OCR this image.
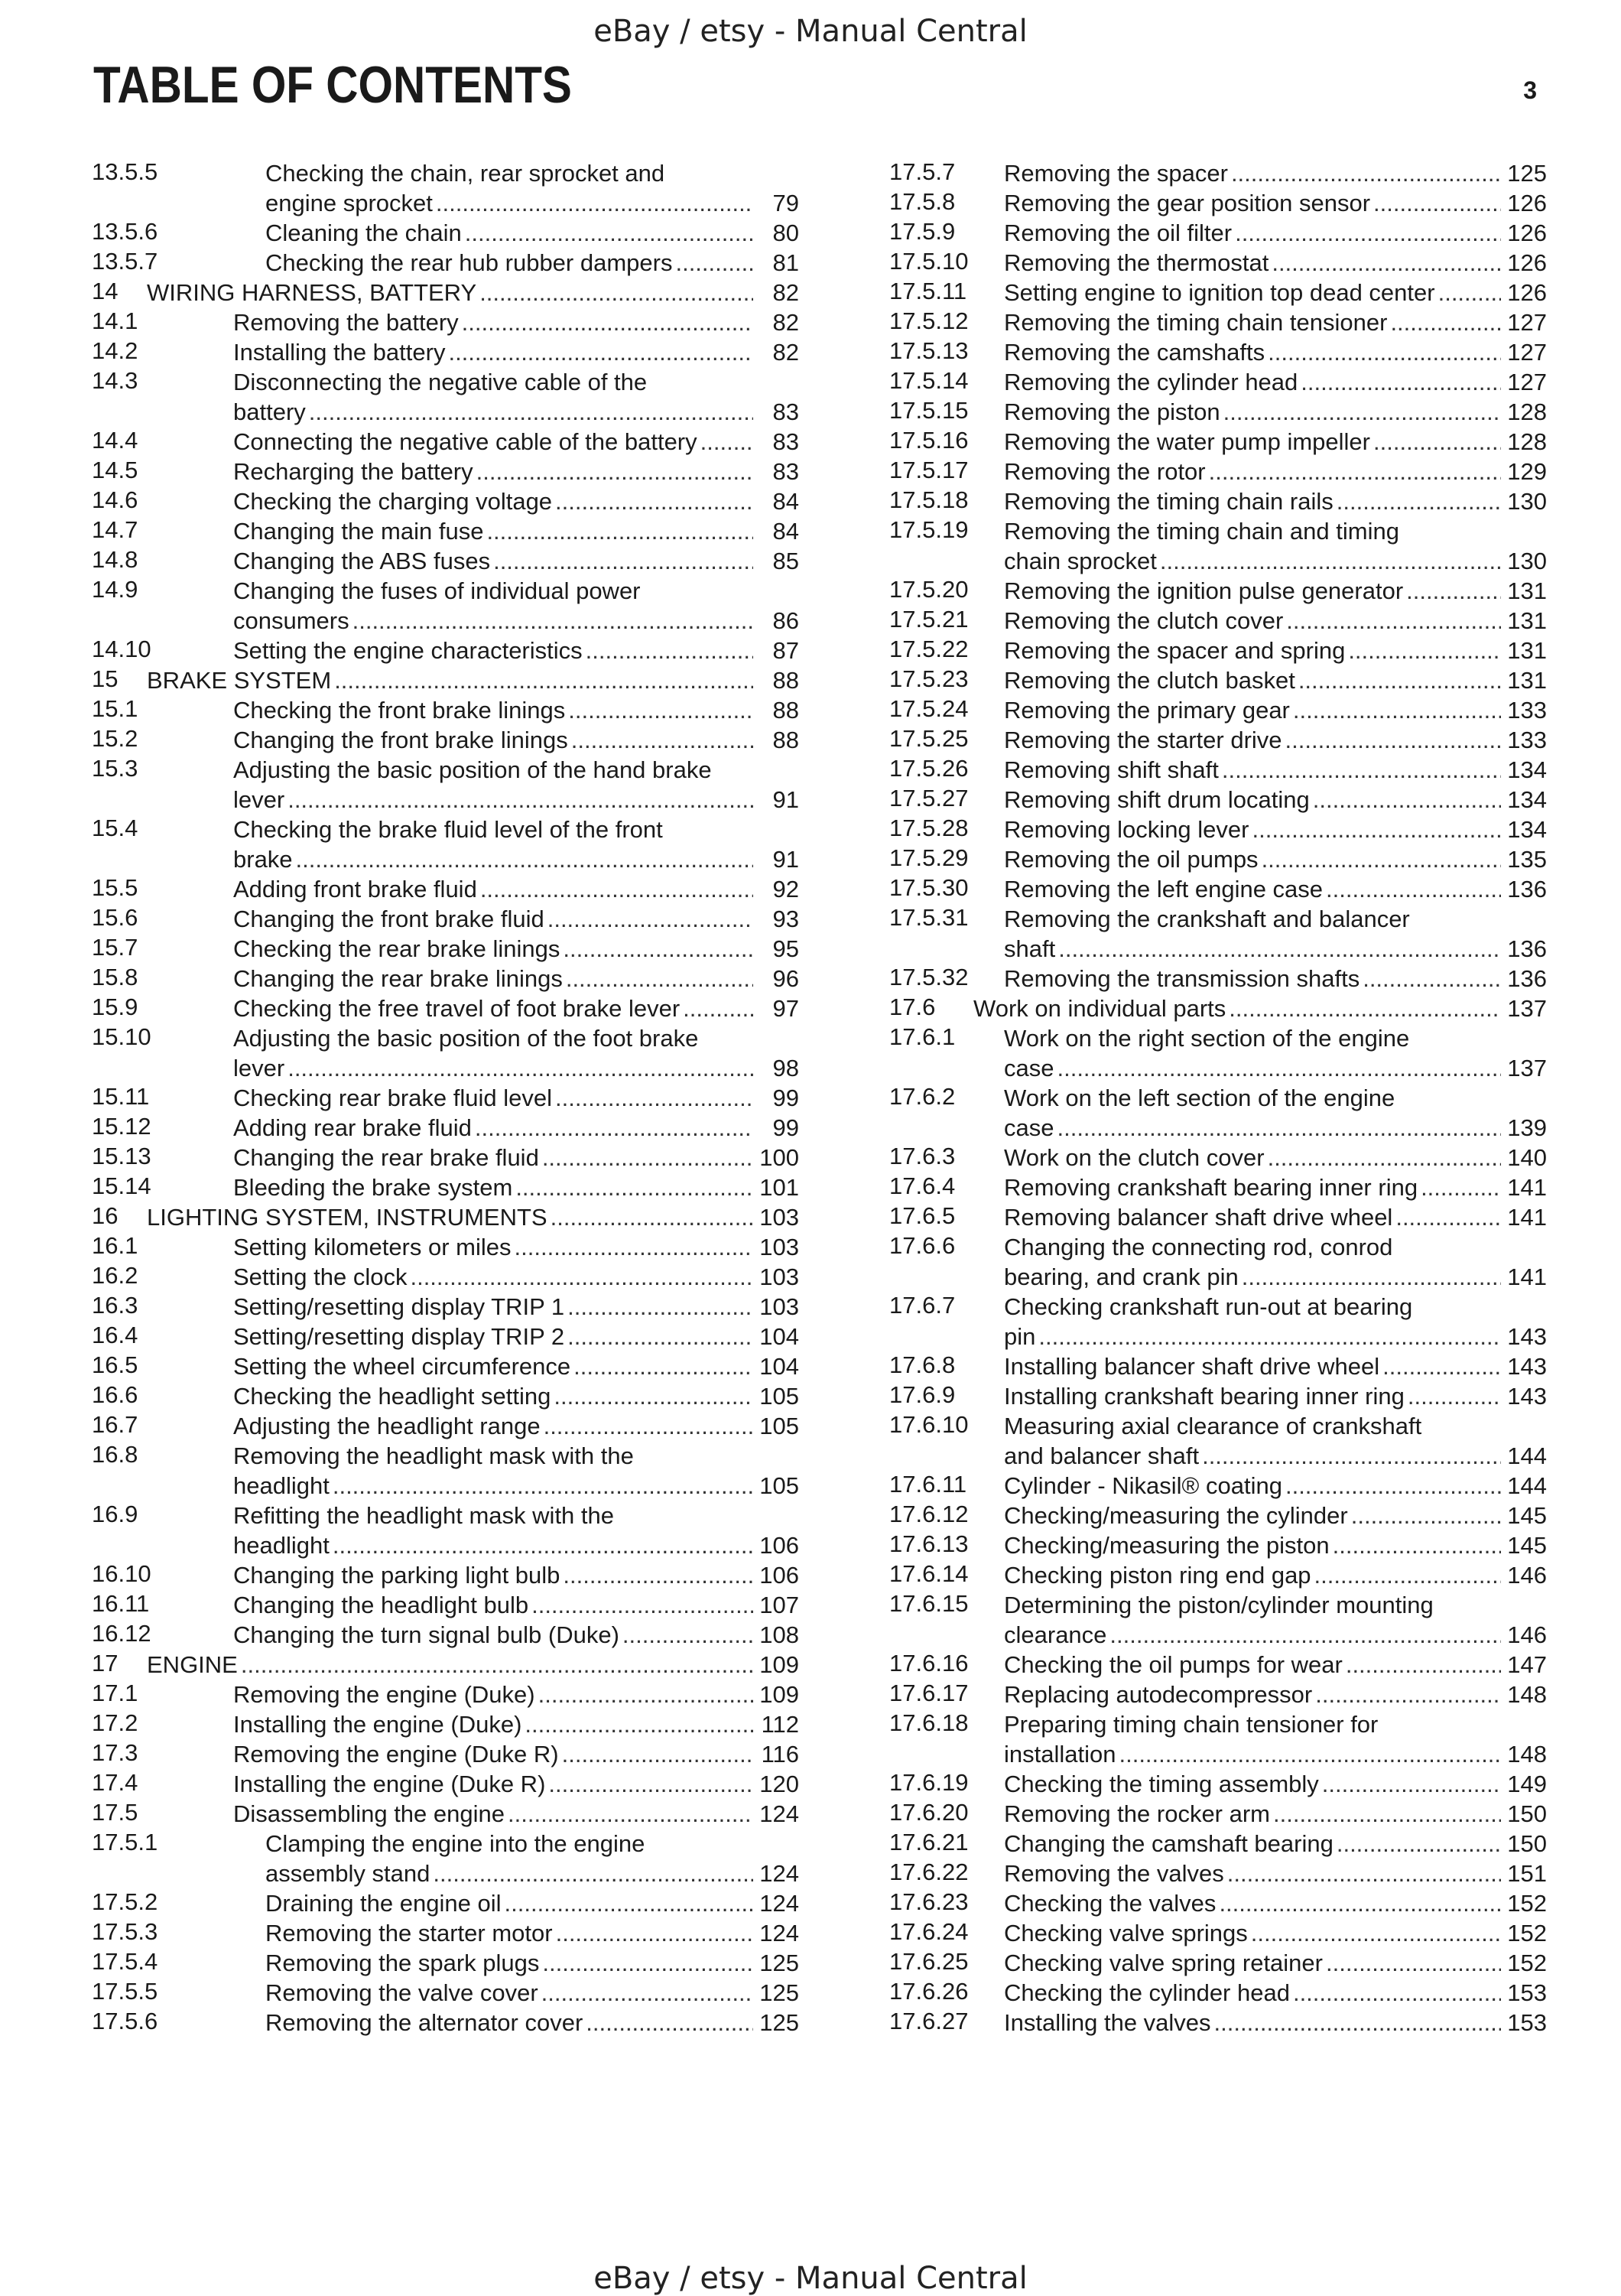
eBay / etsy - Manual Central
TABLE OF CONTENTS	3
13.5.5	Checking the chain, rear sprocket and
engine sprocket .....	79
13.5.6	Cleaning the chain .....	80
13.5.7	Checking the rear hub rubber dampers .....	81
14 WIRING HARNESS, BATTERY .....	82
14.1	Removing the battery .....	82
14.2	Installing the battery .....	82
14.3	Disconnecting the negative cable of the
battery .....	83
14.4	Connecting the negative cable of the battery .....	83
14.5	Recharging the battery .....	83
14.6	Checking the charging voltage .....	84
14.7	Changing the main fuse .....	84
14.8	Changing the ABS fuses .....	85
14.9	Changing the fuses of individual power
consumers .....	86
14.10	Setting the engine characteristics .....	87
15 BRAKE SYSTEM .....	88
15.1	Checking the front brake linings .....	88
15.2	Changing the front brake linings .....	88
15.3	Adjusting the basic position of the hand brake
lever .....	91
15.4	Checking the brake fluid level of the front
brake .....	91
15.5	Adding front brake fluid .....	92
15.6	Changing the front brake fluid .....	93
15.7	Checking the rear brake linings .....	95
15.8	Changing the rear brake linings .....	96
15.9	Checking the free travel of foot brake lever .....	97
15.10	Adjusting the basic position of the foot brake
lever .....	98
15.11	Checking rear brake fluid level .....	99
15.12	Adding rear brake fluid .....	99
15.13	Changing the rear brake fluid .....	100
15.14	Bleeding the brake system .....	101
16 LIGHTING SYSTEM, INSTRUMENTS .....	103
16.1	Setting kilometers or miles .....	103
16.2	Setting the clock .....	103
16.3	Setting/resetting display TRIP 1 .....	103
16.4	Setting/resetting display TRIP 2 .....	104
16.5	Setting the wheel circumference .....	104
16.6	Checking the headlight setting .....	105
16.7	Adjusting the headlight range .....	105
16.8	Removing the headlight mask with the
headlight .....	105
16.9	Refitting the headlight mask with the
headlight .....	106
16.10	Changing the parking light bulb .....	106
16.11	Changing the headlight bulb .....	107
16.12	Changing the turn signal bulb (Duke) .....	108
17 ENGINE .....	109
17.1	Removing the engine (Duke) .....	109
17.2	Installing the engine (Duke) .....	112
17.3	Removing the engine (Duke R) .....	116
17.4	Installing the engine (Duke R) .....	120
17.5	Disassembling the engine .....	124
17.5.1	Clamping the engine into the engine
assembly stand .....	124
17.5.2	Draining the engine oil .....	124
17.5.3	Removing the starter motor .....	124
17.5.4	Removing the spark plugs .....	125
17.5.5	Removing the valve cover .....	125
17.5.6	Removing the alternator cover .....	125
17.5.7 Removing the spacer .....	125
17.5.8 Removing the gear position sensor .....	126
17.5.9 Removing the oil filter .....	126
17.5.10 Removing the thermostat .....	126
17.5.11 Setting engine to ignition top dead center .....	126
17.5.12 Removing the timing chain tensioner .....	127
17.5.13 Removing the camshafts .....	127
17.5.14 Removing the cylinder head .....	127
17.5.15 Removing the piston .....	128
17.5.16 Removing the water pump impeller .....	128
17.5.17 Removing the rotor .....	129
17.5.18 Removing the timing chain rails .....	130
17.5.19 Removing the timing chain and timing
chain sprocket .....	130
17.5.20 Removing the ignition pulse generator .....	131
17.5.21 Removing the clutch cover .....	131
17.5.22 Removing the spacer and spring .....	131
17.5.23 Removing the clutch basket .....	131
17.5.24 Removing the primary gear .....	133
17.5.25 Removing the starter drive .....	133
17.5.26 Removing shift shaft .....	134
17.5.27 Removing shift drum locating .....	134
17.5.28 Removing locking lever .....	134
17.5.29 Removing the oil pumps .....	135
17.5.30 Removing the left engine case .....	136
17.5.31 Removing the crankshaft and balancer
shaft .....	136
17.5.32 Removing the transmission shafts .....	136
17.6 Work on individual parts .....	137
17.6.1 Work on the right section of the engine
case .....	137
17.6.2 Work on the left section of the engine
case .....	139
17.6.3 Work on the clutch cover .....	140
17.6.4 Removing crankshaft bearing inner ring .....	141
17.6.5 Removing balancer shaft drive wheel .....	141
17.6.6 Changing the connecting rod, conrod
bearing, and crank pin .....	141
17.6.7 Checking crankshaft run-out at bearing
pin .....	143
17.6.8 Installing balancer shaft drive wheel .....	143
17.6.9 Installing crankshaft bearing inner ring .....	143
17.6.10 Measuring axial clearance of crankshaft
and balancer shaft .....	144
17.6.11 Cylinder - Nikasil® coating .....	144
17.6.12 Checking/measuring the cylinder .....	145
17.6.13 Checking/measuring the piston .....	145
17.6.14 Checking piston ring end gap .....	146
17.6.15 Determining the piston/cylinder mounting
clearance .....	146
17.6.16 Checking the oil pumps for wear .....	147
17.6.17 Replacing autodecompressor .....	148
17.6.18 Preparing timing chain tensioner for
installation .....	148
17.6.19 Checking the timing assembly .....	149
17.6.20 Removing the rocker arm .....	150
17.6.21 Changing the camshaft bearing .....	150
17.6.22 Removing the valves .....	151
17.6.23 Checking the valves .....	152
17.6.24 Checking valve springs .....	152
17.6.25 Checking valve spring retainer .....	152
17.6.26 Checking the cylinder head .....	153
17.6.27 Installing the valves .....	153
eBay / etsy - Manual Central
